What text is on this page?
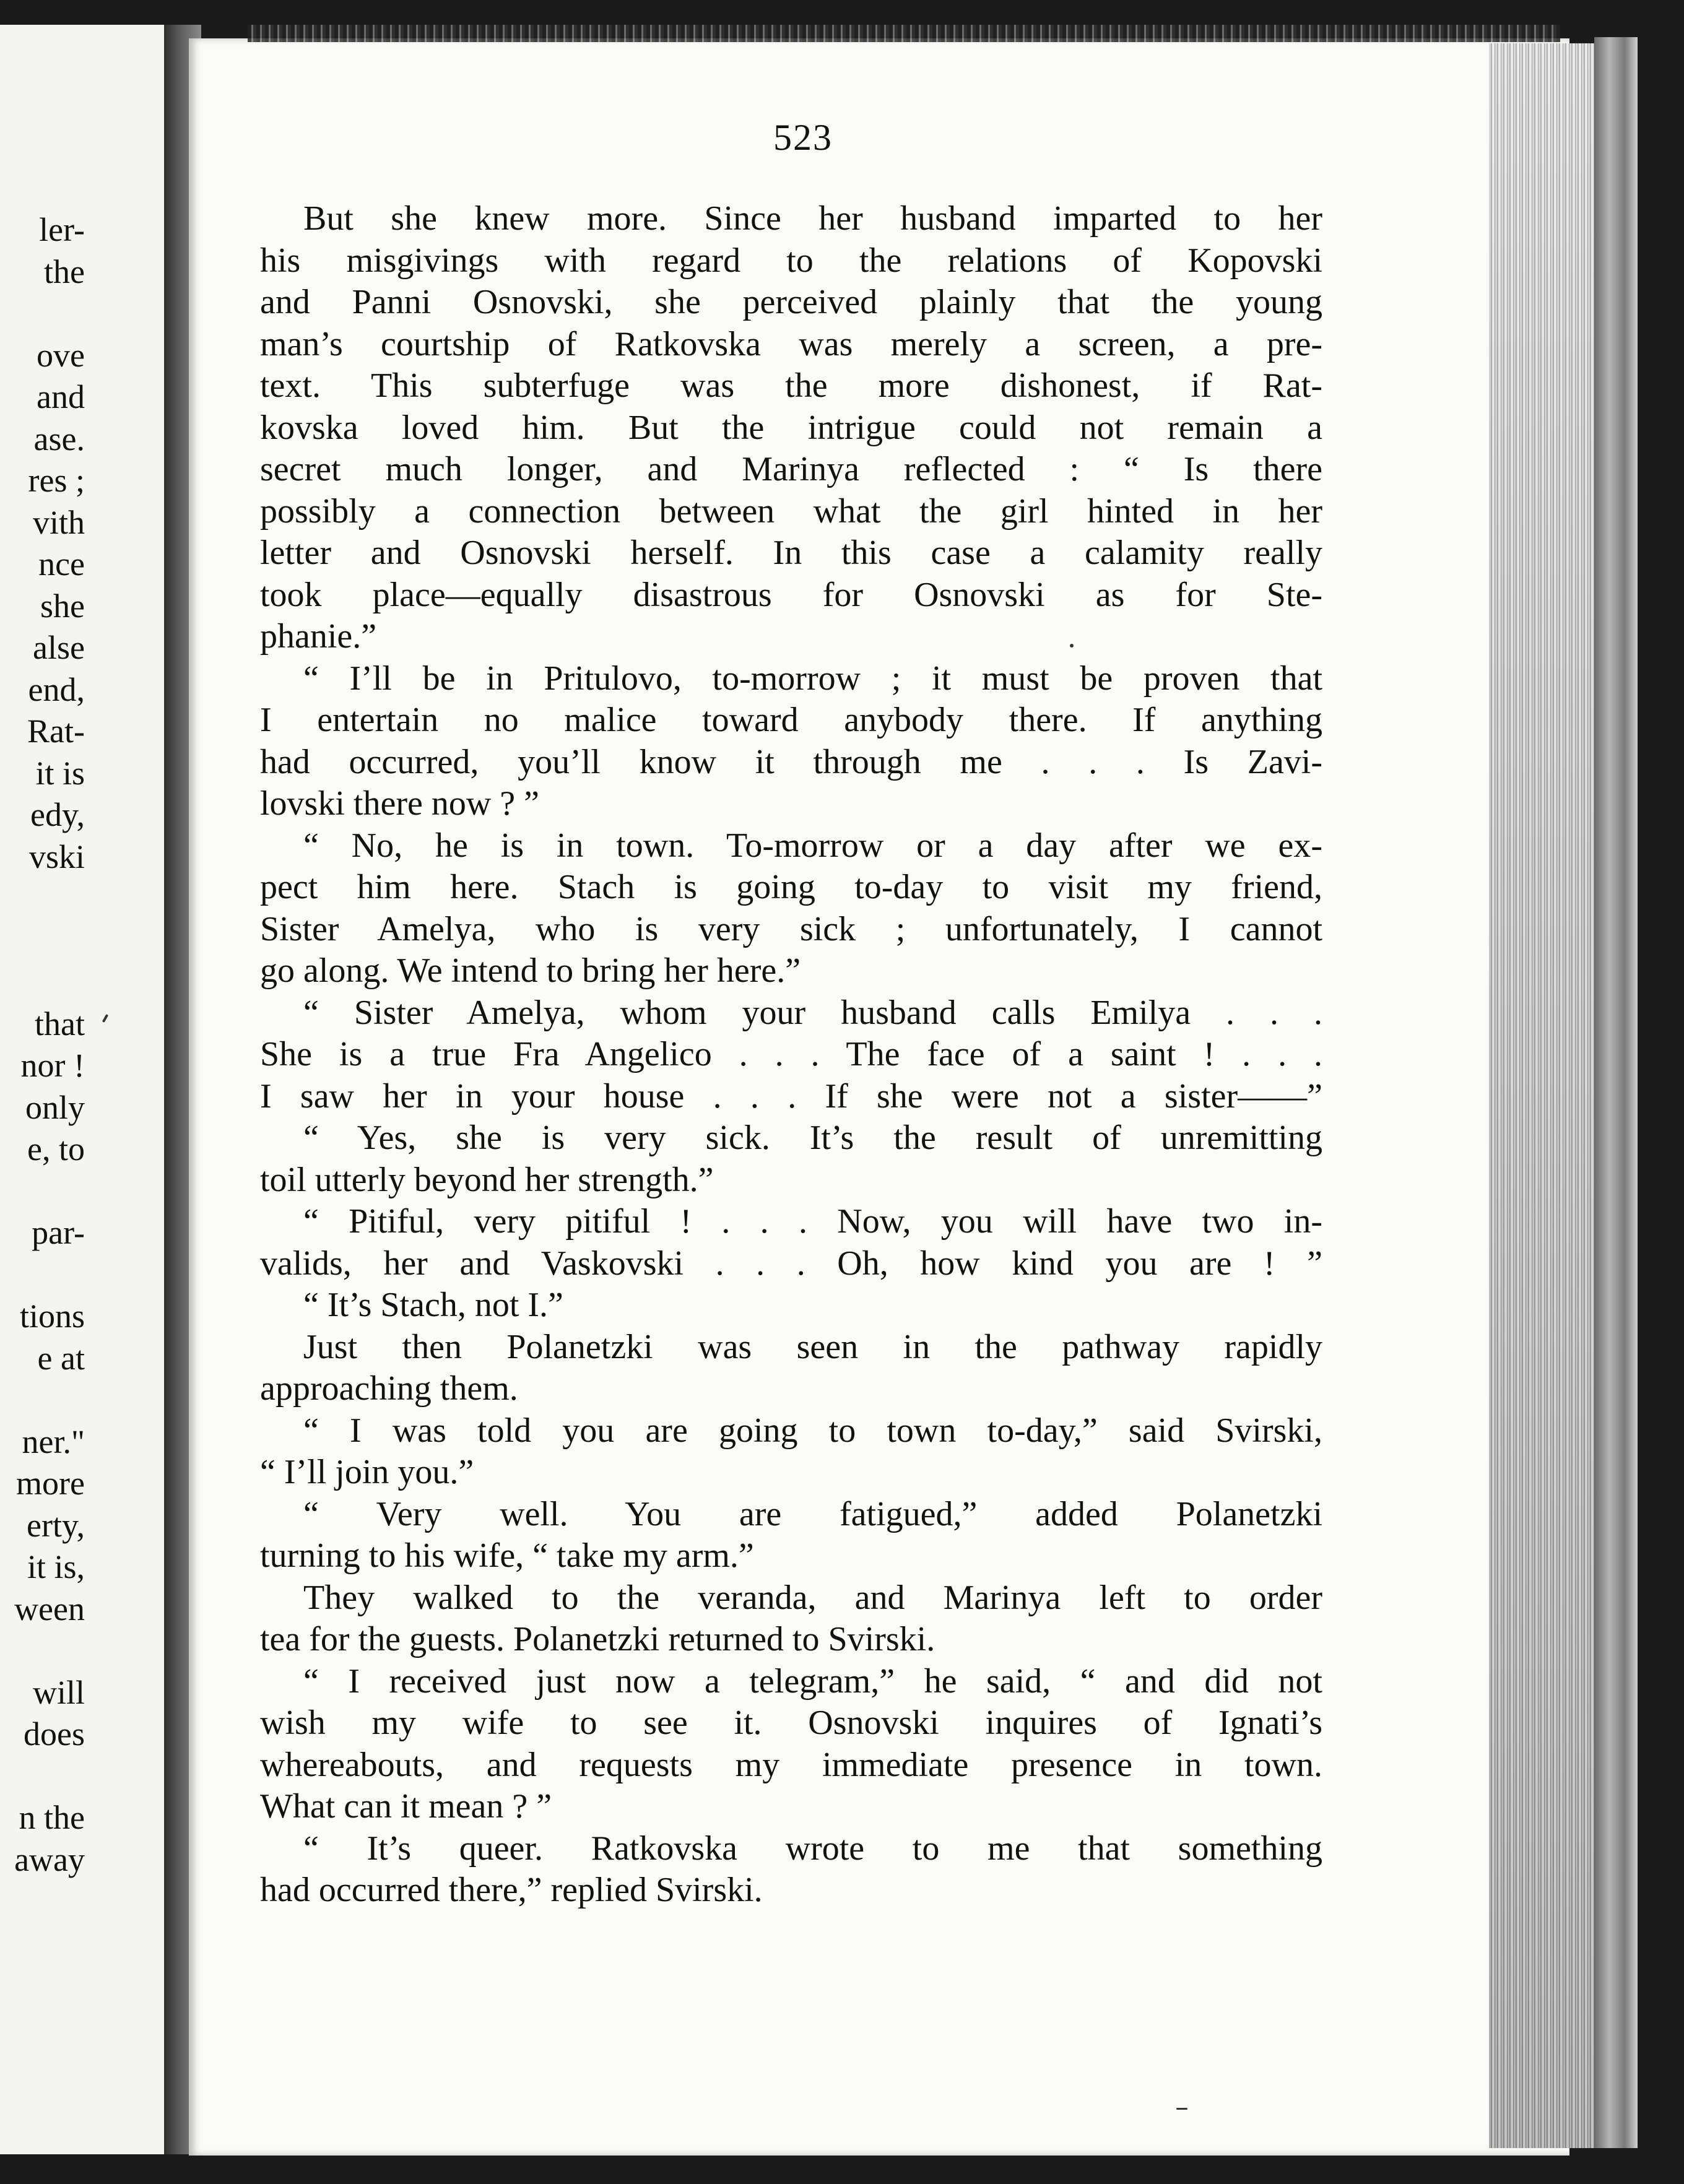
ler-
the
ove
and
ase.
res ;
vith
nce
she
alse
end,
Rat-
it is
edy,
vski
that
nor !
only
e, to
par-
tions
e at
ner."
more
erty,
it is,
ween
will
does
n the
away
523
But she knew more. Since her husband imparted to her
his misgivings with regard to the relations of Kopovski
and Panni Osnovski, she perceived plainly that the young
man’s courtship of Ratkovska was merely a screen, a pre-
text. This subterfuge was the more dishonest, if Rat-
kovska loved him. But the intrigue could not remain a
secret much longer, and Marinya reflected : “ Is there
possibly a connection between what the girl hinted in her
letter and Osnovski herself. In this case a calamity really
took place—equally disastrous for Osnovski as for Ste-
phanie.”
“ I’ll be in Pritulovo, to-morrow ; it must be proven that
I entertain no malice toward anybody there. If anything
had occurred, you’ll know it through me . . . Is Zavi-
lovski there now ? ”
“ No, he is in town. To-morrow or a day after we ex-
pect him here. Stach is going to-day to visit my friend,
Sister Amelya, who is very sick ; unfortunately, I cannot
go along. We intend to bring her here.”
“ Sister Amelya, whom your husband calls Emilya . . .
She is a true Fra Angelico . . . The face of a saint ! . . .
I saw her in your house . . . If she were not a sister——”
“ Yes, she is very sick. It’s the result of unremitting
toil utterly beyond her strength.”
“ Pitiful, very pitiful ! . . . Now, you will have two in-
valids, her and Vaskovski . . . Oh, how kind you are ! ”
“ It’s Stach, not I.”
Just then Polanetzki was seen in the pathway rapidly
approaching them.
“ I was told you are going to town to-day,” said Svirski,
“ I’ll join you.”
“ Very well. You are fatigued,” added Polanetzki
turning to his wife, “ take my arm.”
They walked to the veranda, and Marinya left to order
tea for the guests. Polanetzki returned to Svirski.
“ I received just now a telegram,” he said, “ and did not
wish my wife to see it. Osnovski inquires of Ignati’s
whereabouts, and requests my immediate presence in town.
What can it mean ? ”
“ It’s queer. Ratkovska wrote to me that something
had occurred there,” replied Svirski.
